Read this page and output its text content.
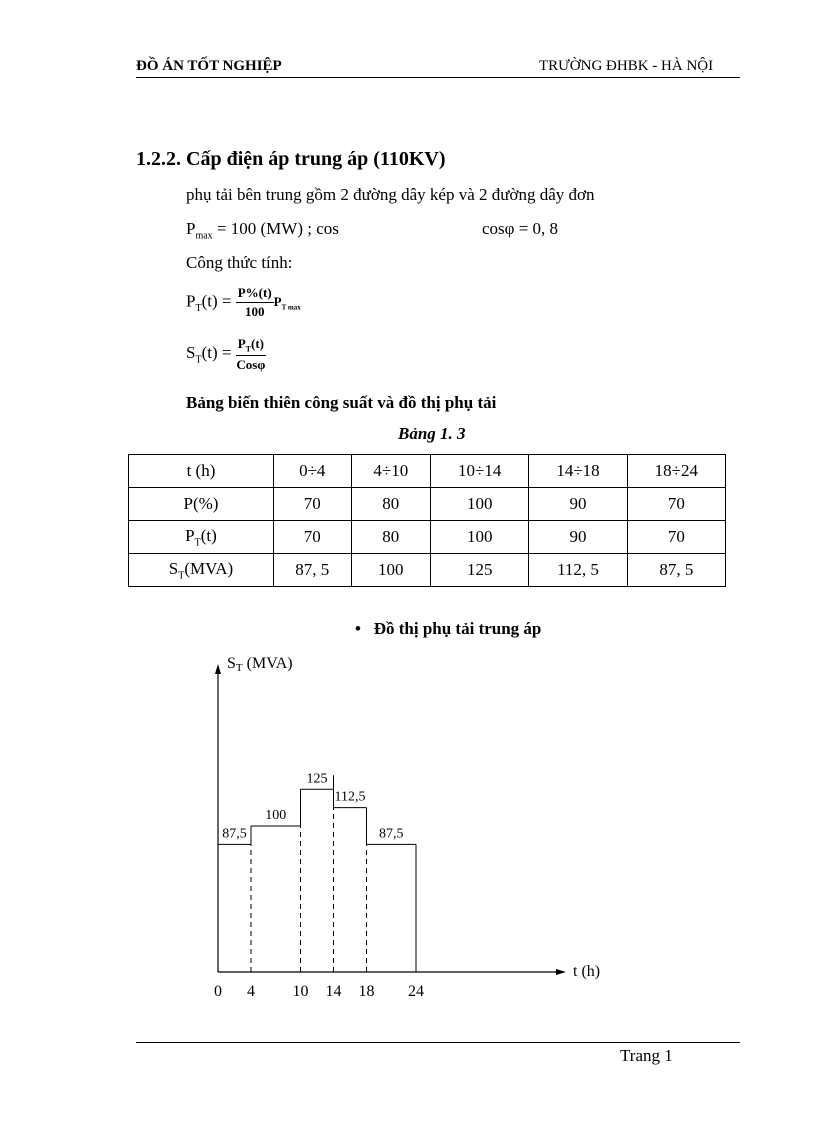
ĐỒ ÁN TỐT NGHIỆP	TRƯỜNG ĐHBK - HÀ NỘI
1.2.2. Cấp điện áp trung áp (110KV)
phụ tải bên trung gồm 2 đường dây kép và 2 đường dây đơn
$P_{max} = 100$ (MW) ; cos	cosφ = 0, 8
Công thức tính:
$P_T(t) = \frac{P\%(t)}{100} P_{T max}$
$S_T(t) = \frac{P_T(t)}{\text{Cosφ}}$
Bảng biến thiên công suất và đồ thị phụ tải
Bảng 1. 3
t (h)	0÷4	4÷10	10÷14	14÷18	18÷24
P(%)	70	80	100	90	70
$P_T(t)$	70	80	100	90	70
$S_T(MVA)$	87, 5	100	125	112, 5	87, 5
• Đồ thị phụ tải trung áp
ST (MVA)
t (h)
0 4 10 14 18 24
87,5
100
125
112,5
87,5
Trang 1
